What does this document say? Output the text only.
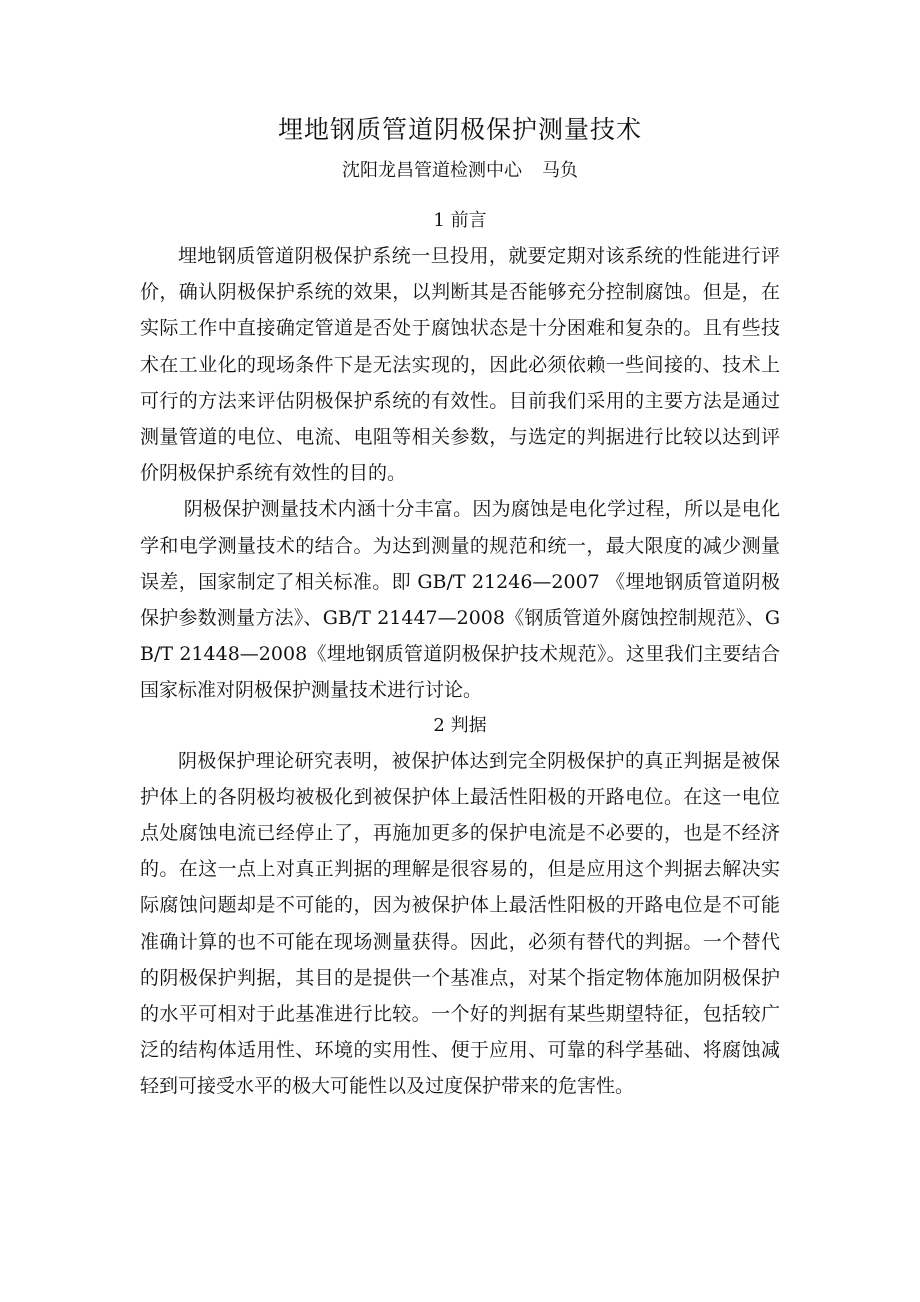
埋地钢质管道阴极保护测量技术
沈阳龙昌管道检测中心 马负
1 前言

埋地钢质管道阴极保护系统一旦投用，就要定期对该系统的性能进行评价，确认阴极保护系统的效果，以判断其是否能够充分控制腐蚀。但是，在实际工作中直接确定管道是否处于腐蚀状态是十分困难和复杂的。且有些技术在工业化的现场条件下是无法实现的，因此必须依赖一些间接的、技术上可行的方法来评估阴极保护系统的有效性。目前我们采用的主要方法是通过测量管道的电位、电流、电阻等相关参数，与选定的判据进行比较以达到评价阴极保护系统有效性的目的。

阴极保护测量技术内涵十分丰富。因为腐蚀是电化学过程，所以是电化学和电学测量技术的结合。为达到测量的规范和统一，最大限度的减少测量误差，国家制定了相关标准。即 GB/T 21246—2007 《埋地钢质管道阴极保护参数测量方法》、GB/T 21447—2008《钢质管道外腐蚀控制规范》、GB/T 21448—2008《埋地钢质管道阴极保护技术规范》。这里我们主要结合国家标准对阴极保护测量技术进行讨论。

2 判据

阴极保护理论研究表明，被保护体达到完全阴极保护的真正判据是被保护体上的各阴极均被极化到被保护体上最活性阳极的开路电位。在这一电位点处腐蚀电流已经停止了，再施加更多的保护电流是不必要的，也是不经济的。在这一点上对真正判据的理解是很容易的，但是应用这个判据去解决实际腐蚀问题却是不可能的，因为被保护体上最活性阳极的开路电位是不可能准确计算的也不可能在现场测量获得。因此，必须有替代的判据。一个替代的阴极保护判据，其目的是提供一个基准点，对某个指定物体施加阴极保护的水平可相对于此基准进行比较。一个好的判据有某些期望特征，包括较广泛的结构体适用性、环境的实用性、便于应用、可靠的科学基础、将腐蚀减轻到可接受水平的极大可能性以及过度保护带来的危害性。
